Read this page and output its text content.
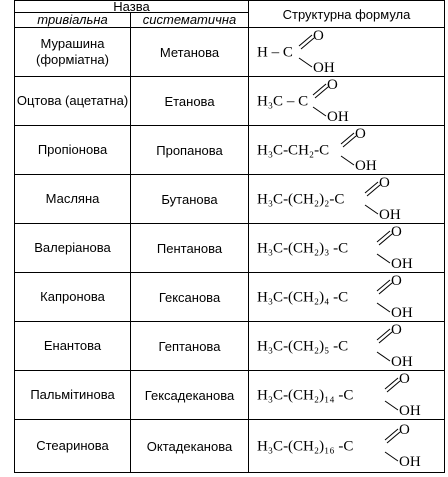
Назва		Структурна формула
тривіальна	систематична	
Мурашина (форміатна)	Метанова	H – C
O
OH

Оцтова (ацетатна)	Етанова	H₃C – C
O
OH

Пропіонова	Пропанова	H₃C-CH₂-C
O
OH

Масляна	Бутанова	H₃C-(CH₂)₂-C
O
OH

Валеріанова	Пентанова	H₃C-(CH₂)₃ -C
O
OH

Капронова	Гексанова	H₃C-(CH₂)₄ -C
O
OH

Енантова	Гептанова	H₃C-(CH₂)₅ -C
O
OH

Пальмітинова	Гексадеканова	H₃C-(CH₂)₁₄ -C
O
OH

Стеаринова	Октадеканова	H₃C-(CH₂)₁₆ -C
O
OH
